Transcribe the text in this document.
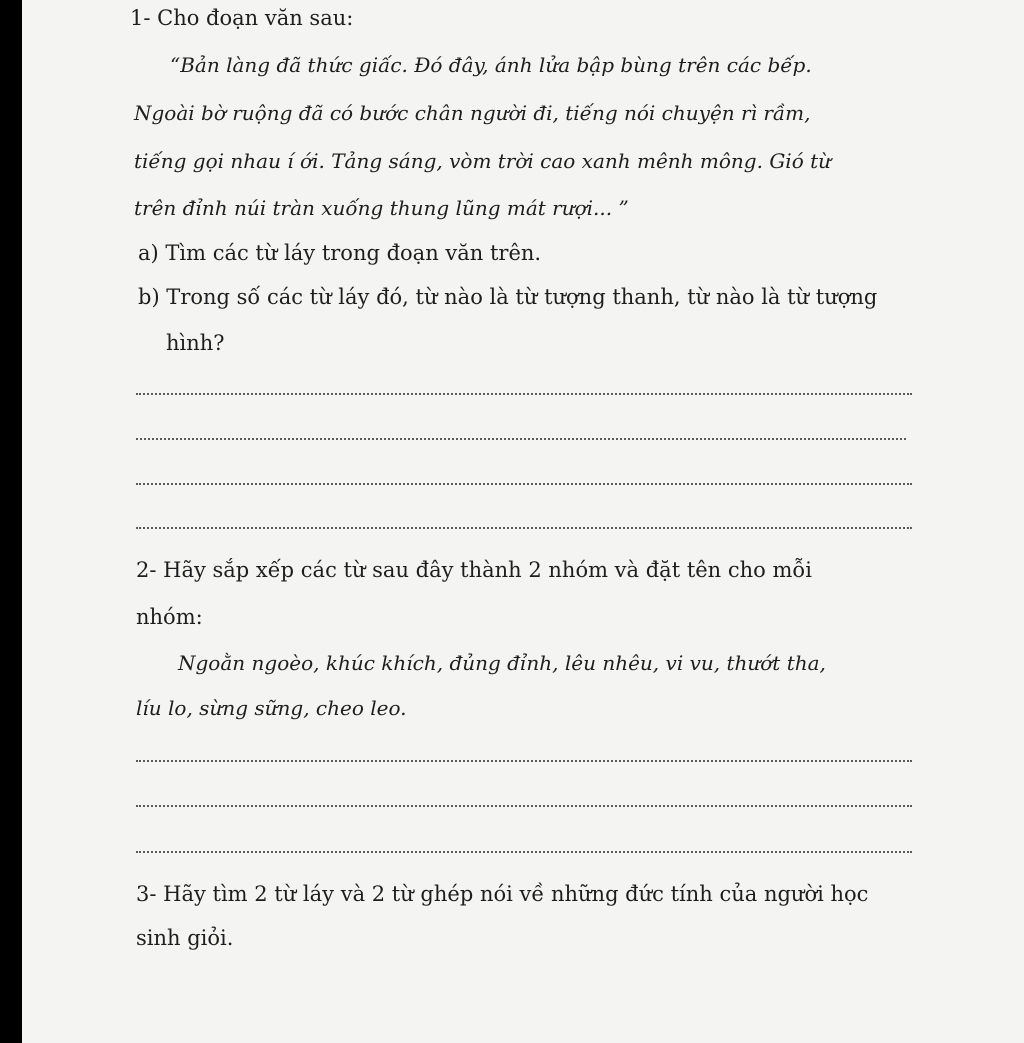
1- Cho đoạn văn sau:
“Bản làng đã thức giấc. Đó đây, ánh lửa bập bùng trên các bếp.
Ngoài bờ ruộng đã có bước chân người đi, tiếng nói chuyện rì rầm,
tiếng gọi nhau í ới. Tảng sáng, vòm trời cao xanh mênh mông. Gió từ
trên đỉnh núi tràn xuống thung lũng mát rượi... ”
a) Tìm các từ láy trong đoạn văn trên.
b) Trong số các từ láy đó, từ nào là từ tượng thanh, từ nào là từ tượng
hình?
2- Hãy sắp xếp các từ sau đây thành 2 nhóm và đặt tên cho mỗi
nhóm:
Ngoằn ngoèo, khúc khích, đủng đỉnh, lêu nhêu, vi vu, thướt tha,
líu lo, sừng sững, cheo leo.
3- Hãy tìm 2 từ láy và 2 từ ghép nói về những đức tính của người học
sinh giỏi.
